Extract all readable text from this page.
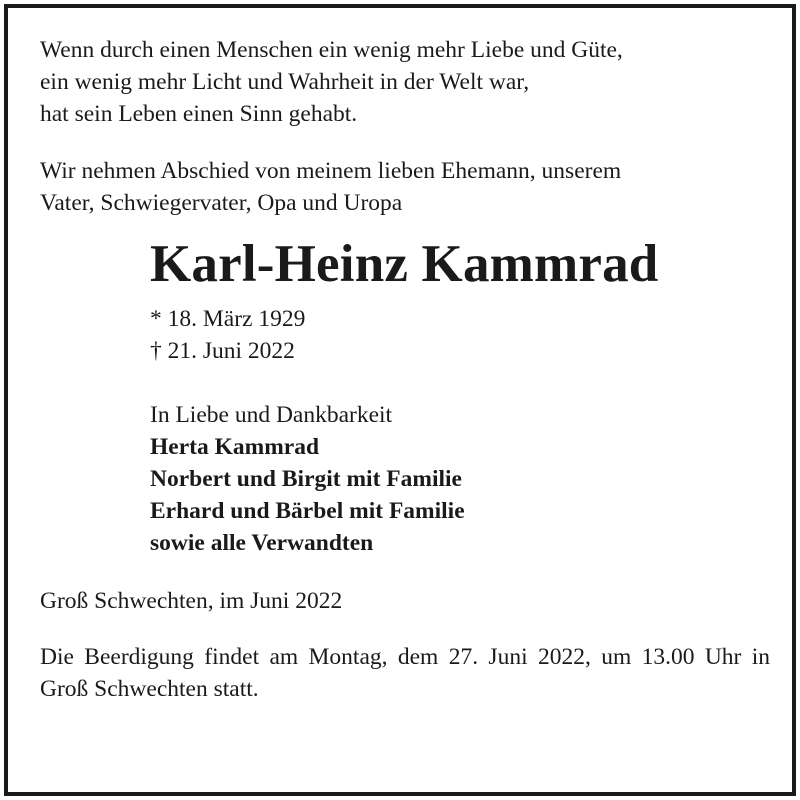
Wenn durch einen Menschen ein wenig mehr Liebe und Güte,

ein wenig mehr Licht und Wahrheit in der Welt war,

hat sein Leben einen Sinn gehabt.

Wir nehmen Abschied von meinem lieben Ehemann, unserem

Vater, Schwiegervater, Opa und Uropa

Karl-Heinz Kammrad

* 18. März 1929

† 21. Juni 2022

In Liebe und Dankbarkeit

Herta Kammrad

Norbert und Birgit mit Familie

Erhard und Bärbel mit Familie

sowie alle Verwandten

Groß Schwechten, im Juni 2022

Die Beerdigung findet am Montag, dem 27. Juni 2022, um 13.00 Uhr in Groß Schwechten statt.
